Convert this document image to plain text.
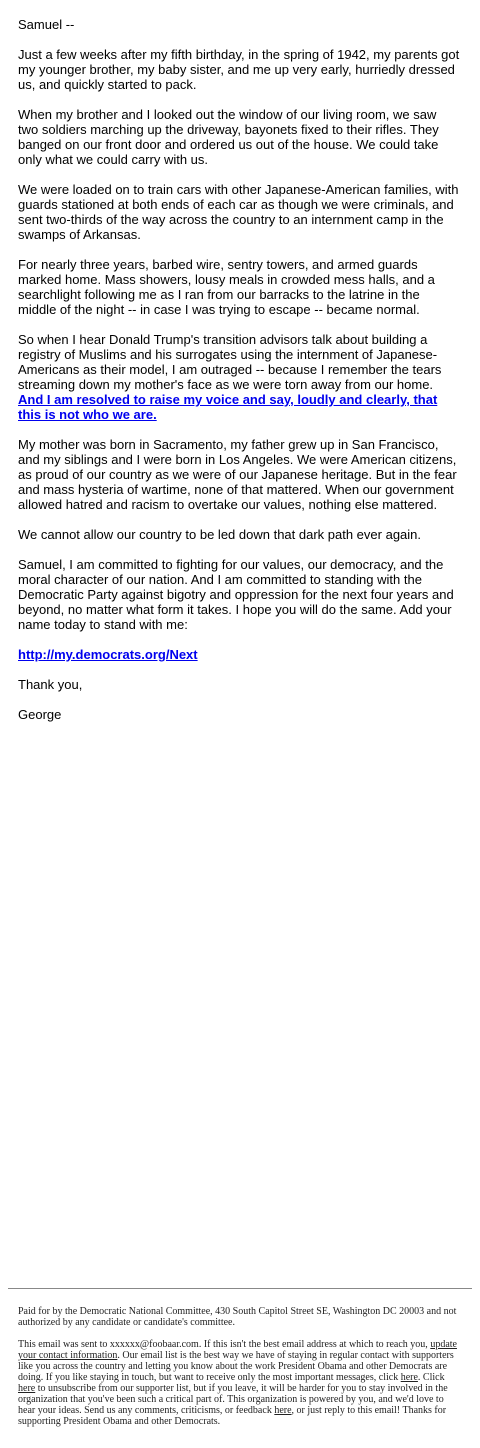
Samuel --

Just a few weeks after my fifth birthday, in the spring of 1942, my parents got my younger brother, my baby sister, and me up very early, hurriedly dressed us, and quickly started to pack.

When my brother and I looked out the window of our living room, we saw two soldiers marching up the driveway, bayonets fixed to their rifles. They banged on our front door and ordered us out of the house. We could take only what we could carry with us.

We were loaded on to train cars with other Japanese-American families, with guards stationed at both ends of each car as though we were criminals, and sent two-thirds of the way across the country to an internment camp in the swamps of Arkansas.

For nearly three years, barbed wire, sentry towers, and armed guards marked home. Mass showers, lousy meals in crowded mess halls, and a searchlight following me as I ran from our barracks to the latrine in the middle of the night -- in case I was trying to escape -- became normal.

So when I hear Donald Trump's transition advisors talk about building a registry of Muslims and his surrogates using the internment of Japanese-Americans as their model, I am outraged -- because I remember the tears streaming down my mother's face as we were torn away from our home. And I am resolved to raise my voice and say, loudly and clearly, that this is not who we are.

My mother was born in Sacramento, my father grew up in San Francisco, and my siblings and I were born in Los Angeles. We were American citizens, as proud of our country as we were of our Japanese heritage. But in the fear and mass hysteria of wartime, none of that mattered. When our government allowed hatred and racism to overtake our values, nothing else mattered.

We cannot allow our country to be led down that dark path ever again.

Samuel, I am committed to fighting for our values, our democracy, and the moral character of our nation. And I am committed to standing with the Democratic Party against bigotry and oppression for the next four years and beyond, no matter what form it takes. I hope you will do the same. Add your name today to stand with me:

http://my.democrats.org/Next

Thank you,

George

Paid for by the Democratic National Committee, 430 South Capitol Street SE, Washington DC 20003 and not authorized by any candidate or candidate's committee.

This email was sent to xxxxxx@foobaar.com. If this isn't the best email address at which to reach you, update your contact information. Our email list is the best way we have of staying in regular contact with supporters like you across the country and letting you know about the work President Obama and other Democrats are doing. If you like staying in touch, but want to receive only the most important messages, click here. Click here to unsubscribe from our supporter list, but if you leave, it will be harder for you to stay involved in the organization that you've been such a critical part of. This organization is powered by you, and we'd love to hear your ideas. Send us any comments, criticisms, or feedback here, or just reply to this email! Thanks for supporting President Obama and other Democrats.
